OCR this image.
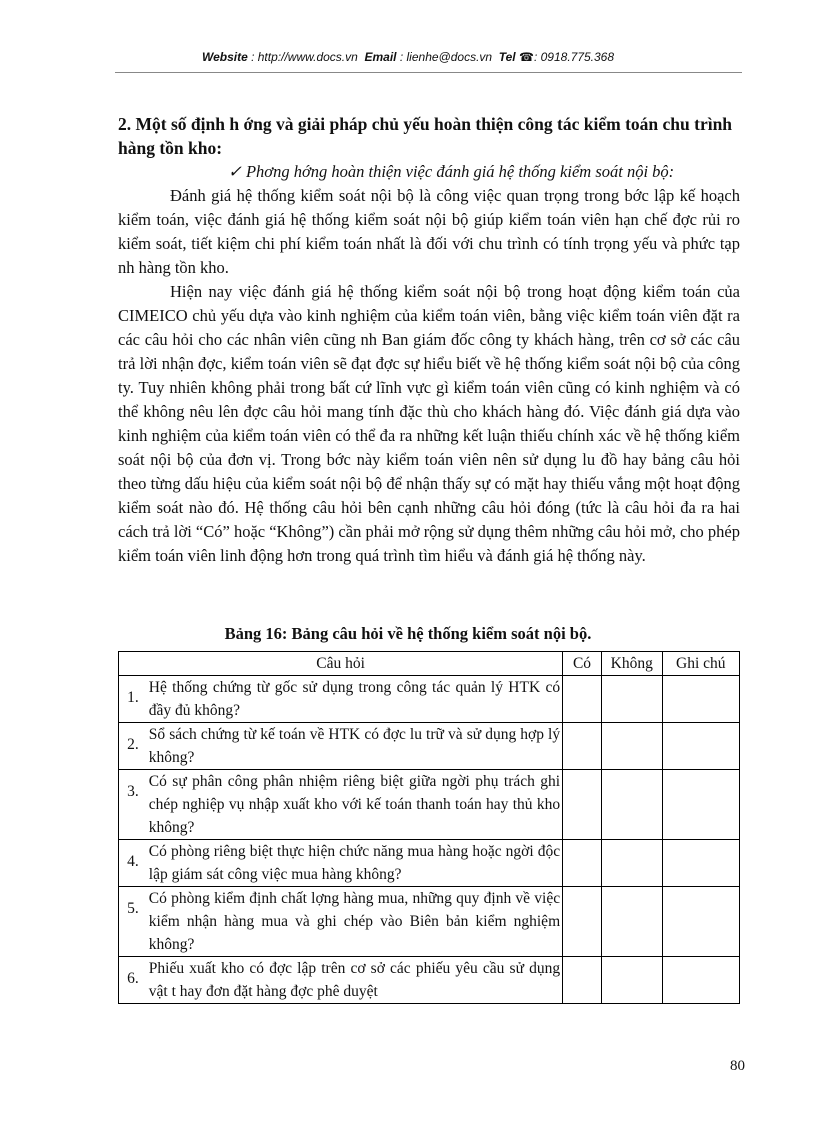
Website : http://www.docs.vn Email : lienhe@docs.vn Tel ☎: 0918.775.368
2. Một số định h ớng và giải pháp chủ yếu hoàn thiện công tác kiểm toán chu trình hàng tồn kho:
✓ Phơng hớng hoàn thiện việc đánh giá hệ thống kiểm soát nội bộ:

Đánh giá hệ thống kiểm soát nội bộ là công việc quan trọng trong bớc lập kế hoạch kiểm toán, việc đánh giá hệ thống kiểm soát nội bộ giúp kiểm toán viên hạn chế đợc rủi ro kiểm soát, tiết kiệm chi phí kiểm toán nhất là đối với chu trình có tính trọng yếu và phức tạp nh hàng tồn kho.

Hiện nay việc đánh giá hệ thống kiểm soát nội bộ trong hoạt động kiểm toán của CIMEICO chủ yếu dựa vào kinh nghiệm của kiểm toán viên, bằng việc kiểm toán viên đặt ra các câu hỏi cho các nhân viên cũng nh Ban giám đốc công ty khách hàng, trên cơ sở các câu trả lời nhận đợc, kiểm toán viên sẽ đạt đợc sự hiểu biết về hệ thống kiểm soát nội bộ của công ty. Tuy nhiên không phải trong bất cứ lĩnh vực gì kiểm toán viên cũng có kinh nghiệm và có thể không nêu lên đợc câu hỏi mang tính đặc thù cho khách hàng đó. Việc đánh giá dựa vào kinh nghiệm của kiểm toán viên có thể đa ra những kết luận thiếu chính xác về hệ thống kiểm soát nội bộ của đơn vị. Trong bớc này kiểm toán viên nên sử dụng lu đồ hay bảng câu hỏi theo từng dấu hiệu của kiểm soát nội bộ để nhận thấy sự có mặt hay thiếu vắng một hoạt động kiểm soát nào đó. Hệ thống câu hỏi bên cạnh những câu hỏi đóng (tức là câu hỏi đa ra hai cách trả lời “Có” hoặc “Không”) cần phải mở rộng sử dụng thêm những câu hỏi mở, cho phép kiểm toán viên linh động hơn trong quá trình tìm hiểu và đánh giá hệ thống này.

Bảng 16: Bảng câu hỏi về hệ thống kiểm soát nội bộ.
Câu hỏi		Có	Không	Ghi chú
1.	Hệ thống chứng từ gốc sử dụng trong công tác quản lý HTK có đầy đủ không?			
2.	Sổ sách chứng từ kế toán về HTK có đợc lu trữ và sử dụng hợp lý không?			
3.	Có sự phân công phân nhiệm riêng biệt giữa ngời phụ trách ghi chép nghiệp vụ nhập xuất kho với kế toán thanh toán hay thủ kho không?			
4.	Có phòng riêng biệt thực hiện chức năng mua hàng hoặc ngời độc lập giám sát công việc mua hàng không?			
5.	Có phòng kiểm định chất lợng hàng mua, những quy định về việc kiểm nhận hàng mua và ghi chép vào Biên bản kiểm nghiệm không?			
6.	Phiếu xuất kho có đợc lập trên cơ sở các phiếu yêu cầu sử dụng vật t hay đơn đặt hàng đợc phê duyệt			
80
